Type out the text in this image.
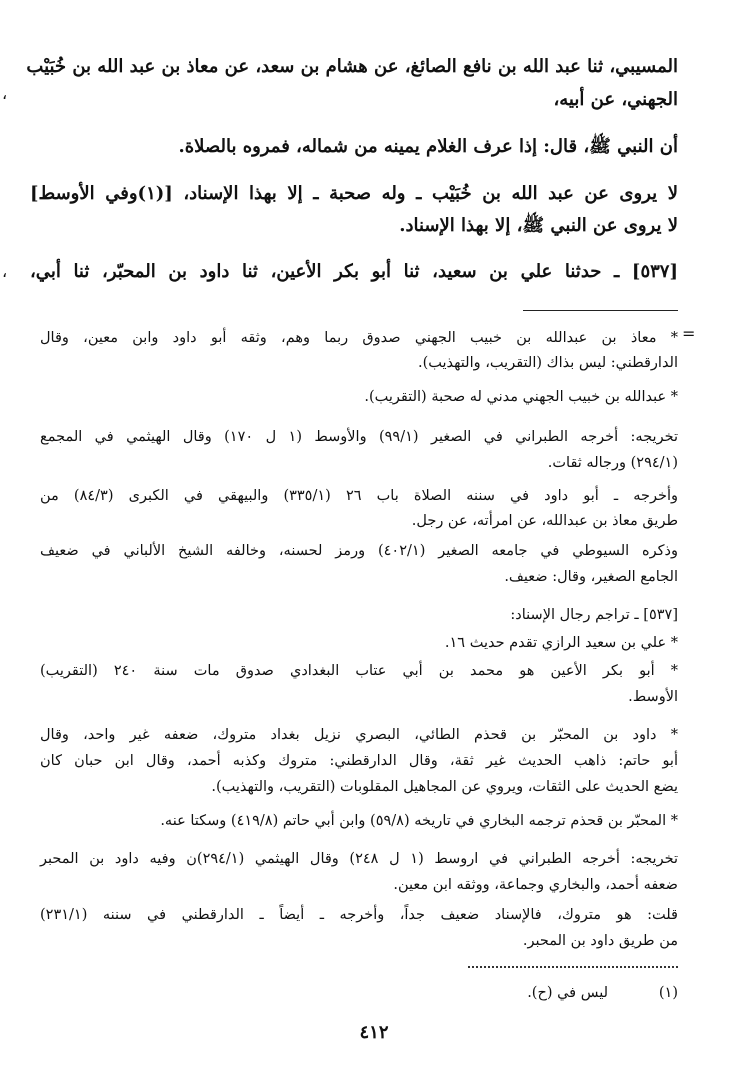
المسيبي، ثنا عبد الله بن نافع الصائغ، عن هشام بن سعد، عن معاذ بن عبد الله بن خُبَيْب
الجهني، عن أبيه،
أن النبي ﷺ، قال: إذا عرف الغلام يمينه من شماله، فمروه بالصلاة.
لا يروى عن عبد الله بن خُبَيْب ـ وله صحبة ـ إلا بهذا الإسناد، [(١)وفي الأوسط]
لا يروى عن النبي ﷺ، إلا بهذا الإسناد.
[٥٣٧] ـ حدثنا علي بن سعيد، ثنا أبو بكر الأعين، ثنا داود بن المحبّر، ثنا أبي،
،
،
=
* معاذ بن عبدالله بن خبيب الجهني صدوق ربما وهم، وثقه أبو داود وابن معين، وقال
الدارقطني: ليس بذاك (التقريب، والتهذيب).
* عبدالله بن خبيب الجهني مدني له صحبة (التقريب).
تخريجه: أخرجه الطبراني في الصغير (٩٩/١) والأوسط (١ ل ١٧٠) وقال الهيثمي في المجمع
(٢٩٤/١) ورجاله ثقات.
وأخرجه ـ أبو داود في سننه الصلاة باب ٢٦ (٣٣٥/١) والبيهقي في الكبرى (٨٤/٣) من
طريق معاذ بن عبدالله، عن امرأته، عن رجل.
وذكره السيوطي في جامعه الصغير (٤٠٢/١) ورمز لحسنه، وخالفه الشيخ الألباني في ضعيف
الجامع الصغير، وقال: ضعيف.
[٥٣٧] ـ تراجم رجال الإسناد:
* علي بن سعيد الرازي تقدم حديث ١٦.
* أبو بكر الأعين هو محمد بن أبي عتاب البغدادي صدوق مات سنة ٢٤٠ (التقريب)
الأوسط.
* داود بن المحبّر بن قحذم الطائي، البصري نزيل بغداد متروك، ضعفه غير واحد، وقال
أبو حاتم: ذاهب الحديث غير ثقة، وقال الدارقطني: متروك وكذبه أحمد، وقال ابن حبان كان
يضع الحديث على الثقات، ويروي عن المجاهيل المقلوبات (التقريب، والتهذيب).
* المحبّر بن قحذم ترجمه البخاري في تاريخه (٥٩/٨) وابن أبي حاتم (٤١٩/٨) وسكتا عنه.
تخريجه: أخرجه الطبراني في اروسط (١ ل ٢٤٨) وقال الهيثمي (٢٩٤/١)ن وفيه داود بن المحبر
ضعفه أحمد، والبخاري وجماعة، ووثقه ابن معين.
قلت: هو متروك، فالإسناد ضعيف جداً، وأخرجه ـ أيضاً ـ الدارقطني في سننه (٢٣١/١)
من طريق داود بن المحبر.
(١)
ليس في (ح).
٤١٢
